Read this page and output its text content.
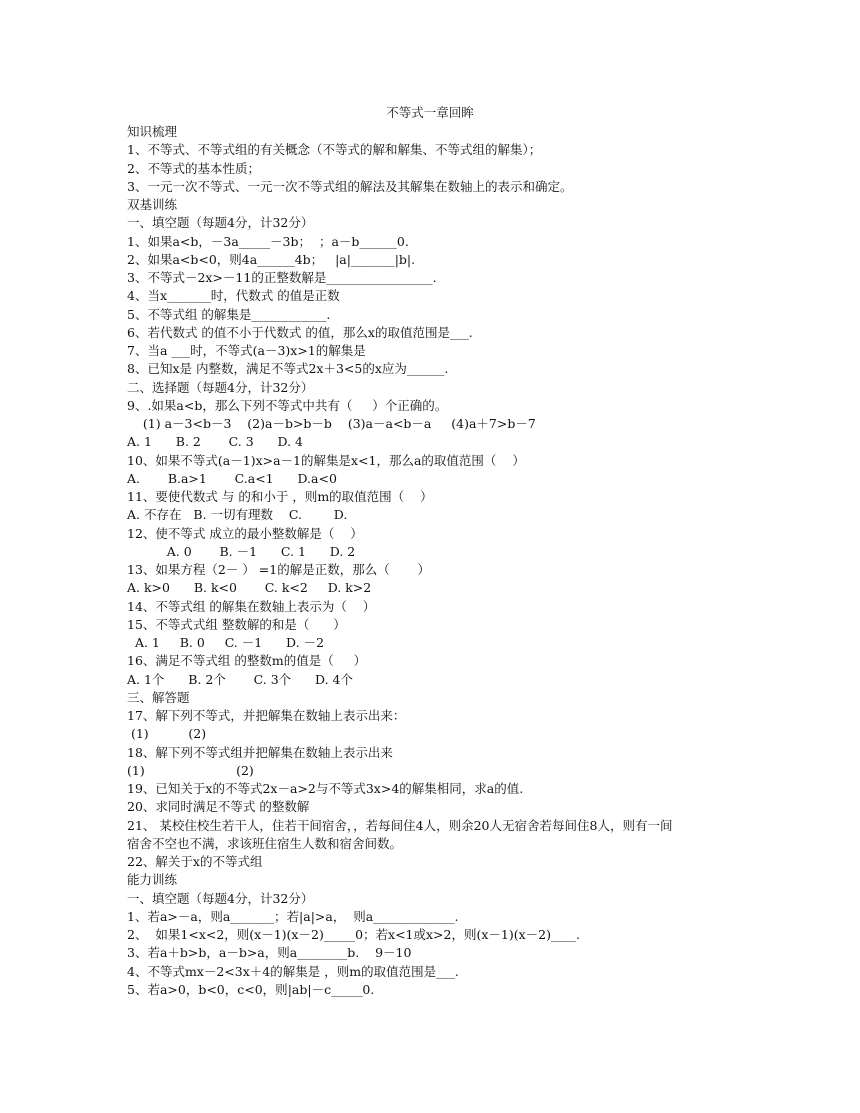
不等式一章回眸
知识梳理
1、不等式、不等式组的有关概念（不等式的解和解集、不等式组的解集）；
2、不等式的基本性质；
3、一元一次不等式、一元一次不等式组的解法及其解集在数轴上的表示和确定。
双基训练
一、填空题（每题4分，计32分）
1、如果a<b，－3a_____－3b；  ；a－b______0.
2、如果a<b<0，则4a______4b；   |a|_______|b|.
3、不等式－2x>－11的正整数解是_________________.
4、当x_______时，代数式 的值是正数
5、不等式组 的解集是____________.
6、若代数式 的值不小于代数式 的值，那么x的取值范围是___.
7、当a ___时，不等式(a－3)x>1的解集是
8、已知x是 内整数，满足不等式2x＋3<5的x应为______.
二、选择题（每题4分，计32分）
9、.如果a<b，那么下列不等式中共有（     ）个正确的。
(1) a－3<b－3    (2)a－b>b－b    (3)a－a<b－a     (4)a＋7>b－7
A. 1      B. 2       C. 3      D. 4
10、如果不等式(a－1)x>a－1的解集是x<1，那么a的取值范围（    ）
A.       B.a>1       C.a<1      D.a<0
11、要使代数式 与 的和小于 ，则m的取值范围（    ）
A. 不存在   B. 一切有理数    C.        D.
12、使不等式 成立的最小整数解是（    ）
A. 0       B. －1      C. 1      D. 2
13、如果方程（2－ ） =1的解是正数，那么（       ）
A. k>0      B. k<0       C. k<2     D. k>2
14、不等式组 的解集在数轴上表示为（    ）
15、不等式式组 整数解的和是（      ）
A. 1     B. 0     C. －1      D. －2
16、满足不等式组 的整数m的值是（     ）
A. 1个      B. 2个       C. 3个      D. 4个
三、解答题
17、解下列不等式，并把解集在数轴上表示出来：
(1)          (2)
18、解下列不等式组并把解集在数轴上表示出来
(1)                       (2)
19、已知关于x的不等式2x－a>2与不等式3x>4的解集相同，求a的值.
20、求同时满足不等式 的整数解
21、 某校住校生若干人，住若干间宿舍，，若每间住4人，则余20人无宿舍若每间住8人，则有一间
宿舍不空也不满，求该班住宿生人数和宿舍间数。
22、解关于x的不等式组
能力训练
一、填空题（每题4分，计32分）
1、若a>－a，则a_______；若|a|>a，  则a_____________.
2、  如果1<x<2，则(x－1)(x－2)_____0；若x<1或x>2，则(x－1)(x－2)____.
3、若a＋b>b，a－b>a，则a________b.    9－10
4、不等式mx－2<3x＋4的解集是 ，则m的取值范围是___.
5、若a>0，b<0，c<0，则|ab|－c_____0.
